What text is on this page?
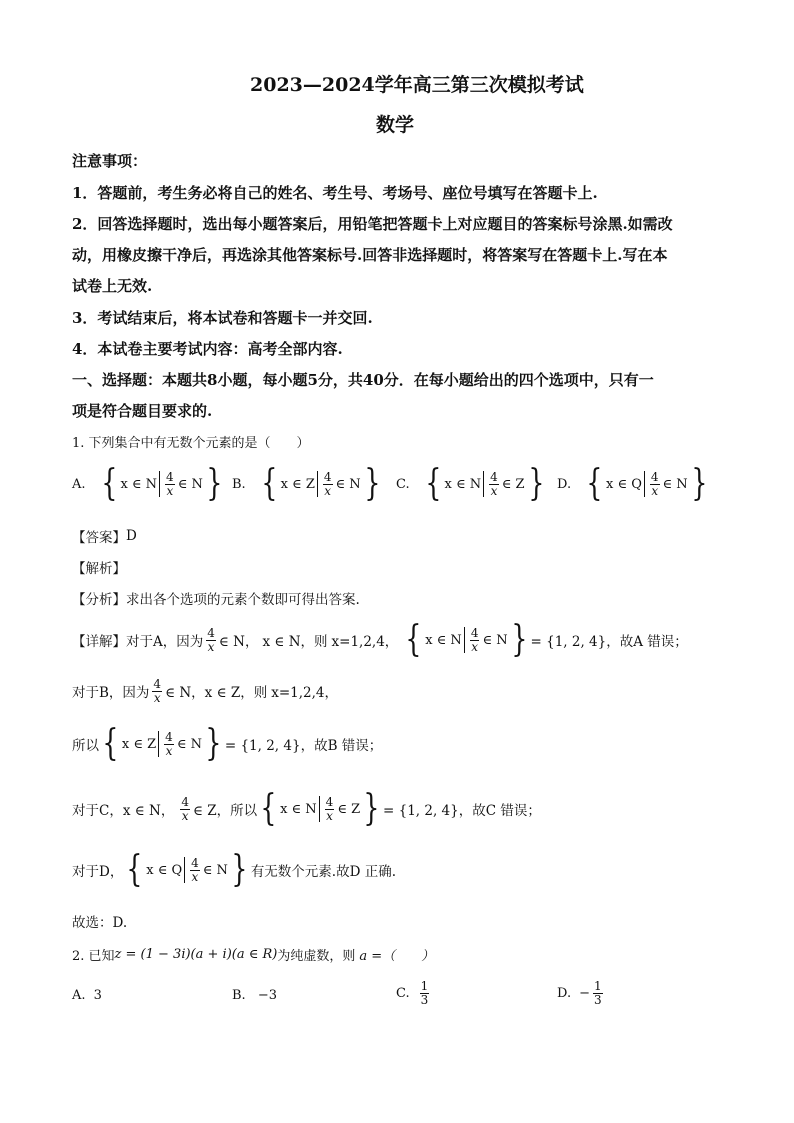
2023—2024学年高三第三次模拟考试
数学
注意事项：
1．答题前，考生务必将自己的姓名、考生号、考场号、座位号填写在答题卡上.
2．回答选择题时，选出每小题答案后，用铅笔把答题卡上对应题目的答案标号涂黑.如需改
动，用橡皮擦干净后，再选涂其他答案标号.回答非选择题时，将答案写在答题卡上.写在本
试卷上无效.
3．考试结束后，将本试卷和答题卡一并交回.
4．本试卷主要考试内容：高考全部内容.
一、选择题：本题共8小题，每小题5分，共40分．在每小题给出的四个选项中，只有一
项是符合题目要求的.
1. 下列集合中有无数个元素的是（　　）
A. { x ∈ N $\frac{4}{x}$ ∈ N } B. { x ∈ Z $\frac{4}{x}$ ∈ N } C. { x ∈ N $\frac{4}{x}$ ∈ Z } D. { x ∈ Q $\frac{4}{x}$ ∈ N }
【答案】 D
【解析】
【分析】 求出各个选项的元素个数即可得出答案.
【详解】 对于A，因为 $\frac{4}{x}$ ∈ N， x ∈ N，则 x=1,2,4， { x ∈ N $\frac{4}{x}$ ∈ N } = {1, 2, 4}，故A 错误；
对于B，因为 $\frac{4}{x}$ ∈ N，x ∈ Z，则 x=1,2,4，
所以 { x ∈ Z $\frac{4}{x}$ ∈ N } = {1, 2, 4}，故B 错误；
对于C，x ∈ N， $\frac{4}{x}$ ∈ Z，所以 { x ∈ N $\frac{4}{x}$ ∈ Z } = {1, 2, 4}，故C 错误；
对于D， { x ∈ Q $\frac{4}{x}$ ∈ N } 有无数个元素.故D 正确.
故选：D.
2. 已知 z = (1 − 3i)(a + i)(a ∈ R) 为纯虚数，则 a =（　　）
A. 3	B. −3	C. $\frac{1}{3}$	D. − $\frac{1}{3}$
